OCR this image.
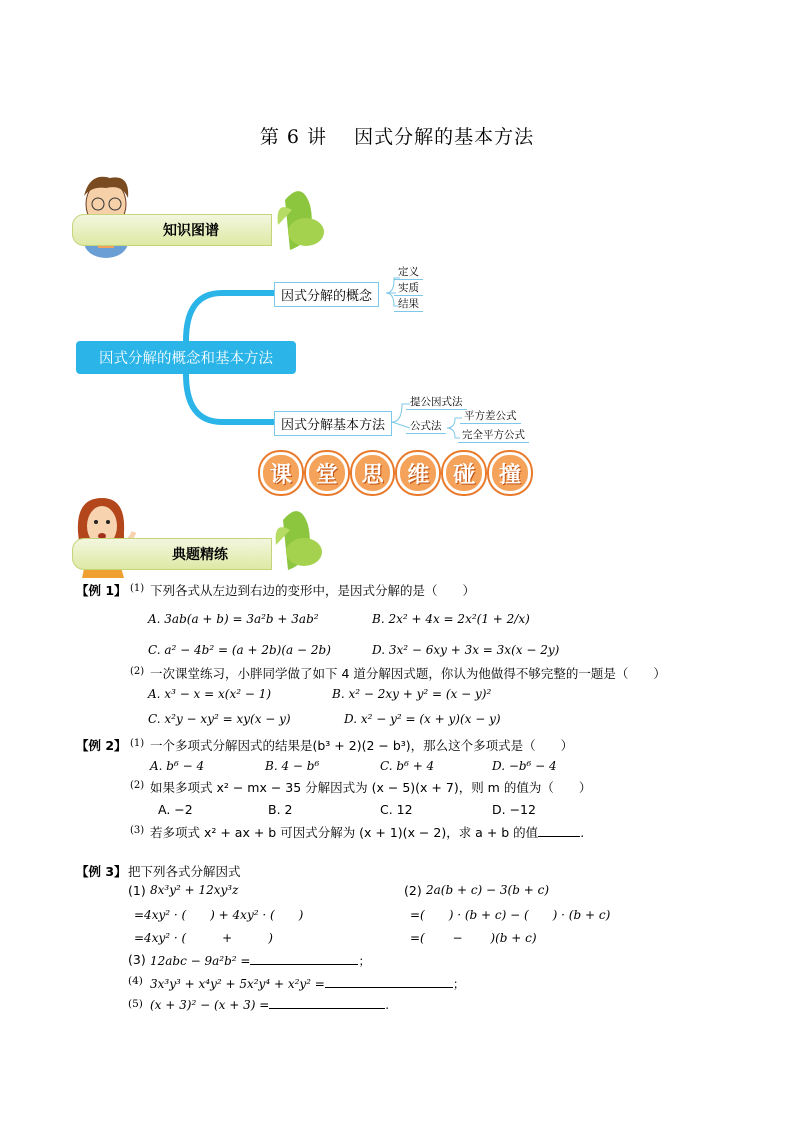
第 6 讲 因式分解的基本方法
知识图谱
因式分解的概念和基本方法
因式分解的概念
定义
实质
结果
因式分解基本方法
提公因式法
公式法
平方差公式
完全平方公式
课	堂	思	维	碰	撞
典题精练
【例 1】 (1) 下列各式从左边到右边的变形中，是因式分解的是（　　）
A. 3ab(a + b) = 3a²b + 3ab²	B. 2x² + 4x = 2x²(1 + 2/x)
C. a² − 4b² = (a + 2b)(a − 2b)	D. 3x² − 6xy + 3x = 3x(x − 2y)
(2) 一次课堂练习，小胖同学做了如下 4 道分解因式题，你认为他做得不够完整的一题是（　　）
A. x³ − x = x(x² − 1)	B. x² − 2xy + y² = (x − y)²
C. x²y − xy² = xy(x − y)	D. x² − y² = (x + y)(x − y)
【例 2】 (1) 一个多项式分解因式的结果是(b³ + 2)(2 − b³)，那么这个多项式是（　　）
A. b⁶ − 4	B. 4 − b⁶	C. b⁶ + 4	D. −b⁶ − 4
(2) 如果多项式 x² − mx − 35 分解因式为 (x − 5)(x + 7)，则 m 的值为（　　）
A. −2	B. 2	C. 12	D. −12
(3) 若多项式 x² + ax + b 可因式分解为 (x + 1)(x − 2)，求 a + b 的值	.
【例 3】 把下列各式分解因式
(1) 8x³y² + 12xy³z
=4xy² · (　　) + 4xy² · (　　)
=4xy² · (　　　+　　　)
(2) 2a(b + c) − 3(b + c)
=(　　) · (b + c) − (　　) · (b + c)
=(　　 −　　 )(b + c)
(3) 12abc − 9a²b² =	；
(4) 3x³y³ + x⁴y² + 5x²y⁴ + x²y² =	；
(5) (x + 3)² − (x + 3) =	.
